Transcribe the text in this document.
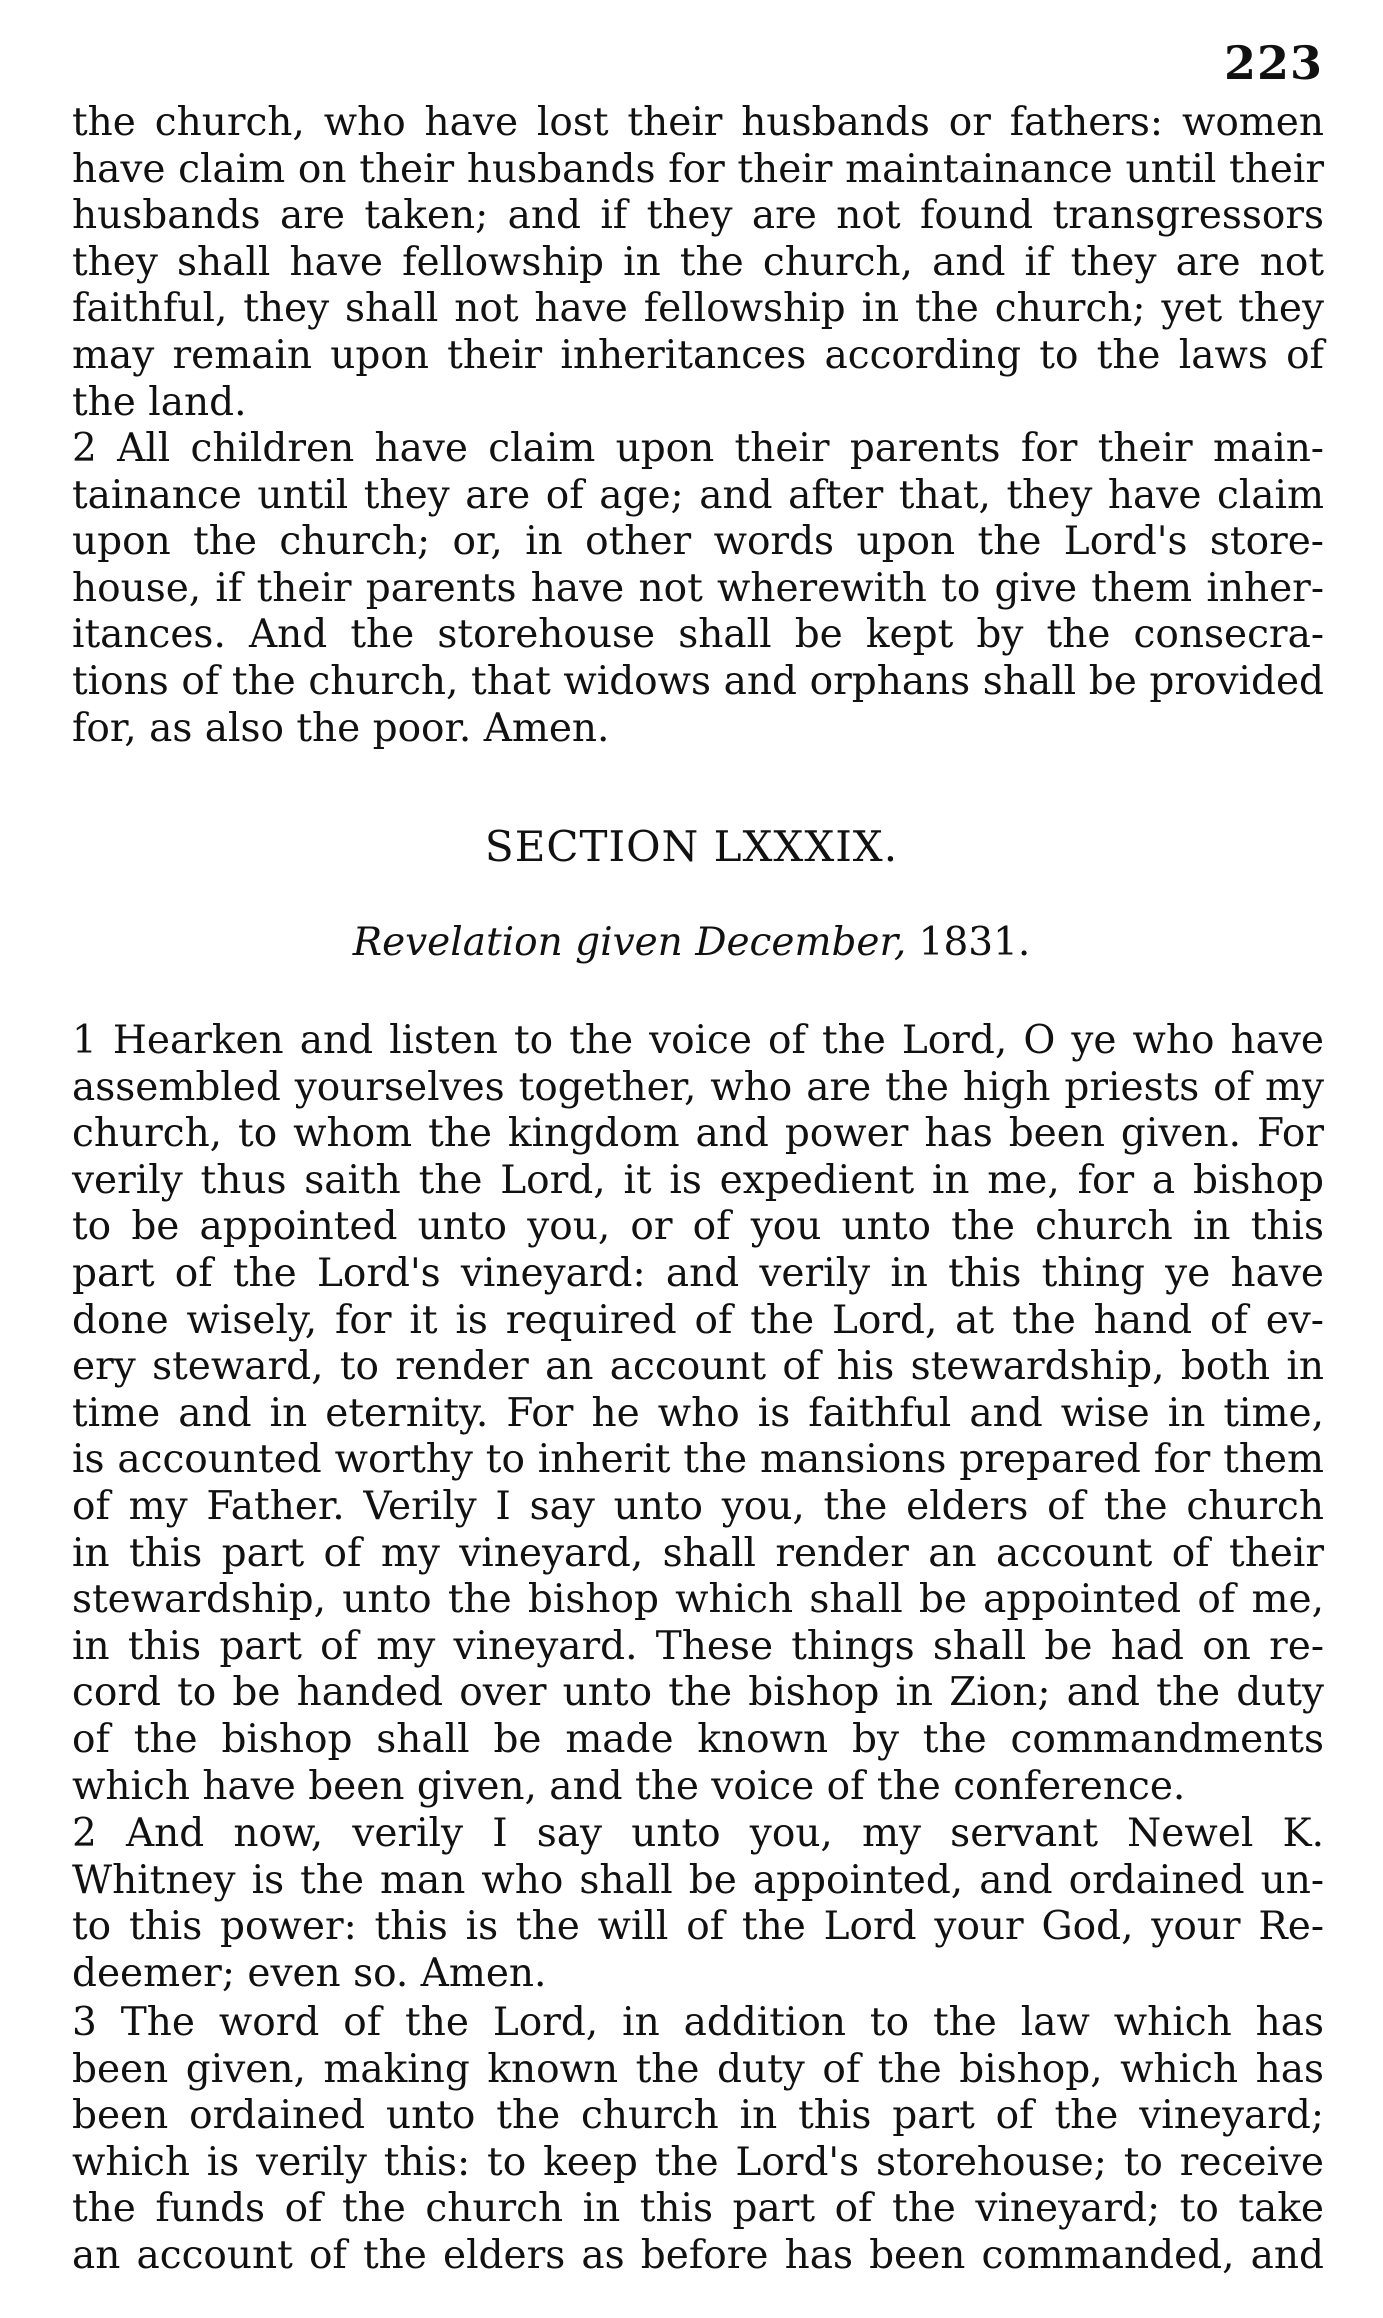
223
the church, who have lost their husbands or fathers: women
have claim on their husbands for their maintainance until their
husbands are taken; and if they are not found transgressors
they shall have fellowship in the church, and if they are not
faithful, they shall not have fellowship in the church; yet they
may remain upon their inheritances according to the laws of
the land.
2 All children have claim upon their parents for their main-
tainance until they are of age; and after that, they have claim
upon the church; or, in other words upon the Lord's store-
house, if their parents have not wherewith to give them inher-
itances. And the storehouse shall be kept by the consecra-
tions of the church, that widows and orphans shall be provided
for, as also the poor. Amen.
SECTION LXXXIX.
Revelation given December, 1831.
1 Hearken and listen to the voice of the Lord, O ye who have
assembled yourselves together, who are the high priests of my
church, to whom the kingdom and power has been given. For
verily thus saith the Lord, it is expedient in me, for a bishop
to be appointed unto you, or of you unto the church in this
part of the Lord's vineyard: and verily in this thing ye have
done wisely, for it is required of the Lord, at the hand of ev-
ery steward, to render an account of his stewardship, both in
time and in eternity. For he who is faithful and wise in time,
is accounted worthy to inherit the mansions prepared for them
of my Father. Verily I say unto you, the elders of the church
in this part of my vineyard, shall render an account of their
stewardship, unto the bishop which shall be appointed of me,
in this part of my vineyard. These things shall be had on re-
cord to be handed over unto the bishop in Zion; and the duty
of the bishop shall be made known by the commandments
which have been given, and the voice of the conference.
2 And now, verily I say unto you, my servant Newel K.
Whitney is the man who shall be appointed, and ordained un-
to this power: this is the will of the Lord your God, your Re-
deemer; even so. Amen.
3 The word of the Lord, in addition to the law which has
been given, making known the duty of the bishop, which has
been ordained unto the church in this part of the vineyard;
which is verily this: to keep the Lord's storehouse; to receive
the funds of the church in this part of the vineyard; to take
an account of the elders as before has been commanded, and
